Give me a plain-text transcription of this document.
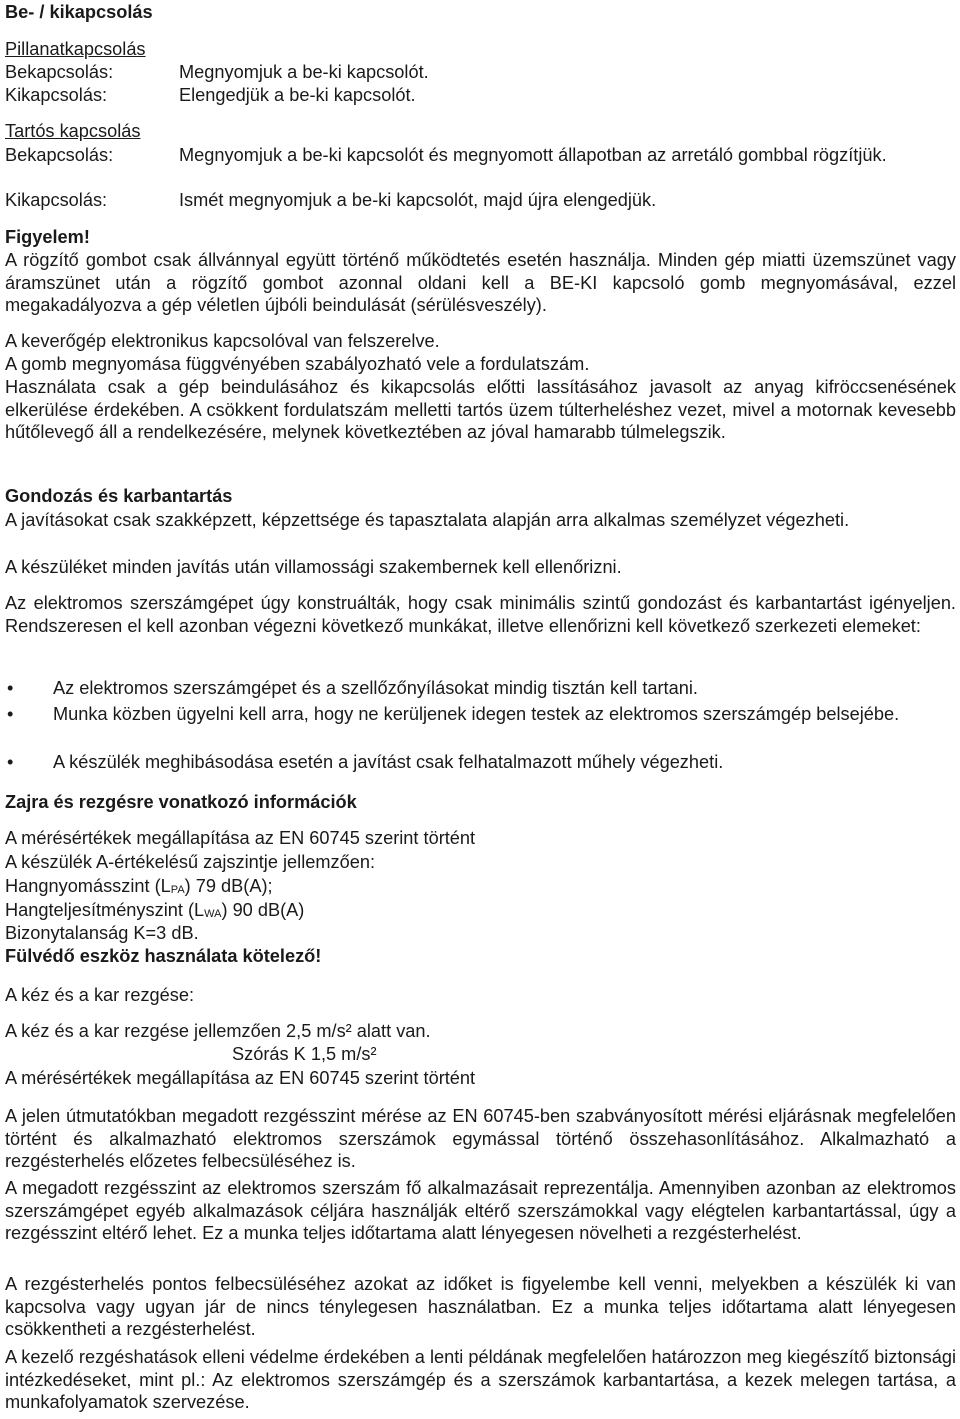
Be- / kikapcsolás
Pillanatkapcsolás
Bekapcsolás:	Megnyomjuk a be-ki kapcsolót.
Kikapcsolás:	Elengedjük a be-ki kapcsolót.
Tartós kapcsolás
Bekapcsolás:	Megnyomjuk a be-ki kapcsolót és megnyomott állapotban az arretáló gombbal rögzítjük.
Kikapcsolás:	Ismét megnyomjuk a be-ki kapcsolót, majd újra elengedjük.
Figyelem!
A rögzítő gombot csak állvánnyal együtt történő működtetés esetén használja. Minden gép miatti üzemszünet vagy áramszünet után a rögzítő gombot azonnal oldani kell a BE-KI kapcsoló gomb megnyomásával, ezzel megakadályozva a gép véletlen újbóli beindulását (sérülésveszély).
A keverőgép elektronikus kapcsolóval van felszerelve.
A gomb megnyomása függvényében szabályozható vele a fordulatszám.
Használata csak a gép beindulásához és kikapcsolás előtti lassításához javasolt az anyag kifröccsenésének elkerülése érdekében. A csökkent fordulatszám melletti tartós üzem túlterheléshez vezet, mivel a motornak kevesebb hűtőlevegő áll a rendelkezésére, melynek következtében az jóval hamarabb túlmelegszik.
Gondozás és karbantartás
A javításokat csak szakképzett, képzettsége és tapasztalata alapján arra alkalmas személyzet végezheti.
A készüléket minden javítás után villamossági szakembernek kell ellenőrizni.
Az elektromos szerszámgépet úgy konstruálták, hogy csak minimális szintű gondozást és karbantartást igényeljen. Rendszeresen el kell azonban végezni következő munkákat, illetve ellenőrizni kell következő szerkezeti elemeket:
•	Az elektromos szerszámgépet és a szellőzőnyílásokat mindig tisztán kell tartani.
•	Munka közben ügyelni kell arra, hogy ne kerüljenek idegen testek az elektromos szerszámgép belsejébe.
•	A készülék meghibásodása esetén a javítást csak felhatalmazott műhely végezheti.
Zajra és rezgésre vonatkozó információk
A mérésértékek megállapítása az EN 60745 szerint történt
A készülék A-értékelésű zajszintje jellemzően:
Hangnyomásszint $(L_{PA})$ 79 dB(A);
Hangteljesítményszint $(L_{WA})$ 90 dB(A)
Bizonytalanság K=3 dB.
Fülvédő eszköz használata kötelező!
A kéz és a kar rezgése:
A kéz és a kar rezgése jellemzően 2,5 m/s² alatt van.
Szórás K 1,5 m/s²
A mérésértékek megállapítása az EN 60745 szerint történt
A jelen útmutatókban megadott rezgésszint mérése az EN 60745-ben szabványosított mérési eljárásnak megfelelően történt és alkalmazható elektromos szerszámok egymással történő összehasonlításához. Alkalmazható a rezgésterhelés előzetes felbecsüléséhez is.
A megadott rezgésszint az elektromos szerszám fő alkalmazásait reprezentálja. Amennyiben azonban az elektromos szerszámgépet egyéb alkalmazások céljára használják eltérő szerszámokkal vagy elégtelen karbantartással, úgy a rezgésszint eltérő lehet. Ez a munka teljes időtartama alatt lényegesen növelheti a rezgésterhelést.
A rezgésterhelés pontos felbecsüléséhez azokat az időket is figyelembe kell venni, melyekben a készülék ki van kapcsolva vagy ugyan jár de nincs ténylegesen használatban. Ez a munka teljes időtartama alatt lényegesen csökkentheti a rezgésterhelést.
A kezelő rezgéshatások elleni védelme érdekében a lenti példának megfelelően határozzon meg kiegészítő biztonsági intézkedéseket, mint pl.: Az elektromos szerszámgép és a szerszámok karbantartása, a kezek melegen tartása, a munkafolyamatok szervezése.
